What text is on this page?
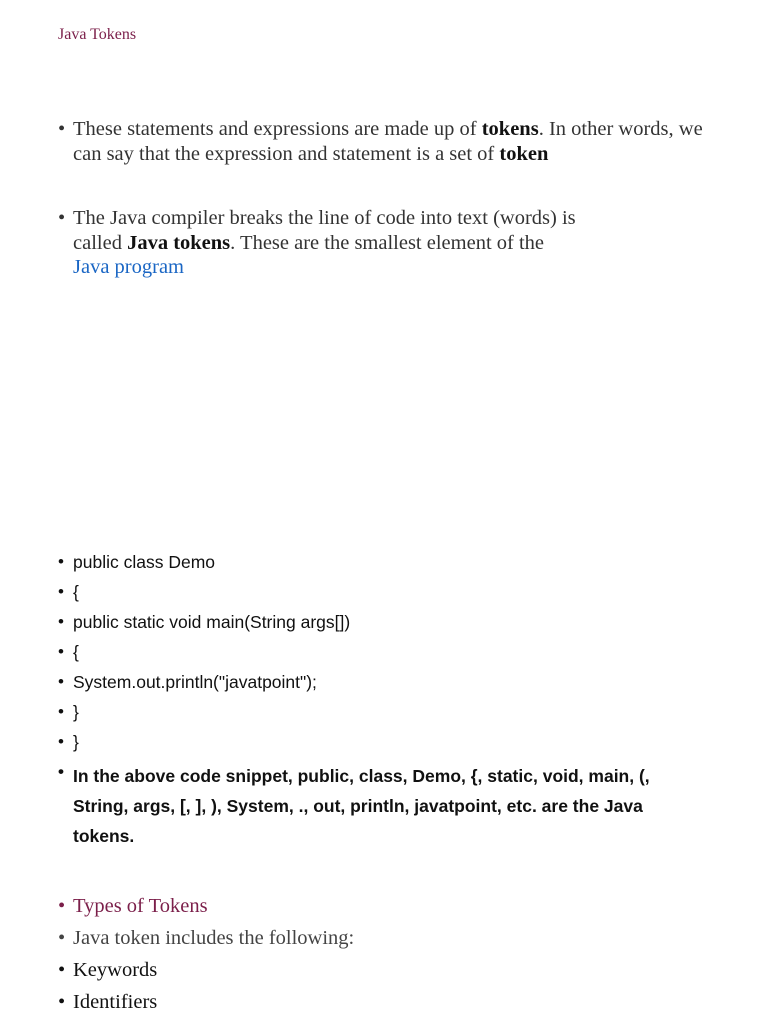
Java Tokens
• These statements and expressions are made up of tokens. In other words, we can say that the expression and statement is a set of token
• The Java compiler breaks the line of code into text (words) is called Java tokens. These are the smallest element of the
Java program
• public class Demo
• {
• public static void main(String args[])
• {
• System.out.println("javatpoint");
• }
• }
• In the above code snippet, public, class, Demo, {, static, void, main, (, String, args, [, ], ), System, ., out, println, javatpoint, etc. are the Java tokens.
• Types of Tokens
• Java token includes the following:
• Keywords
• Identifiers
